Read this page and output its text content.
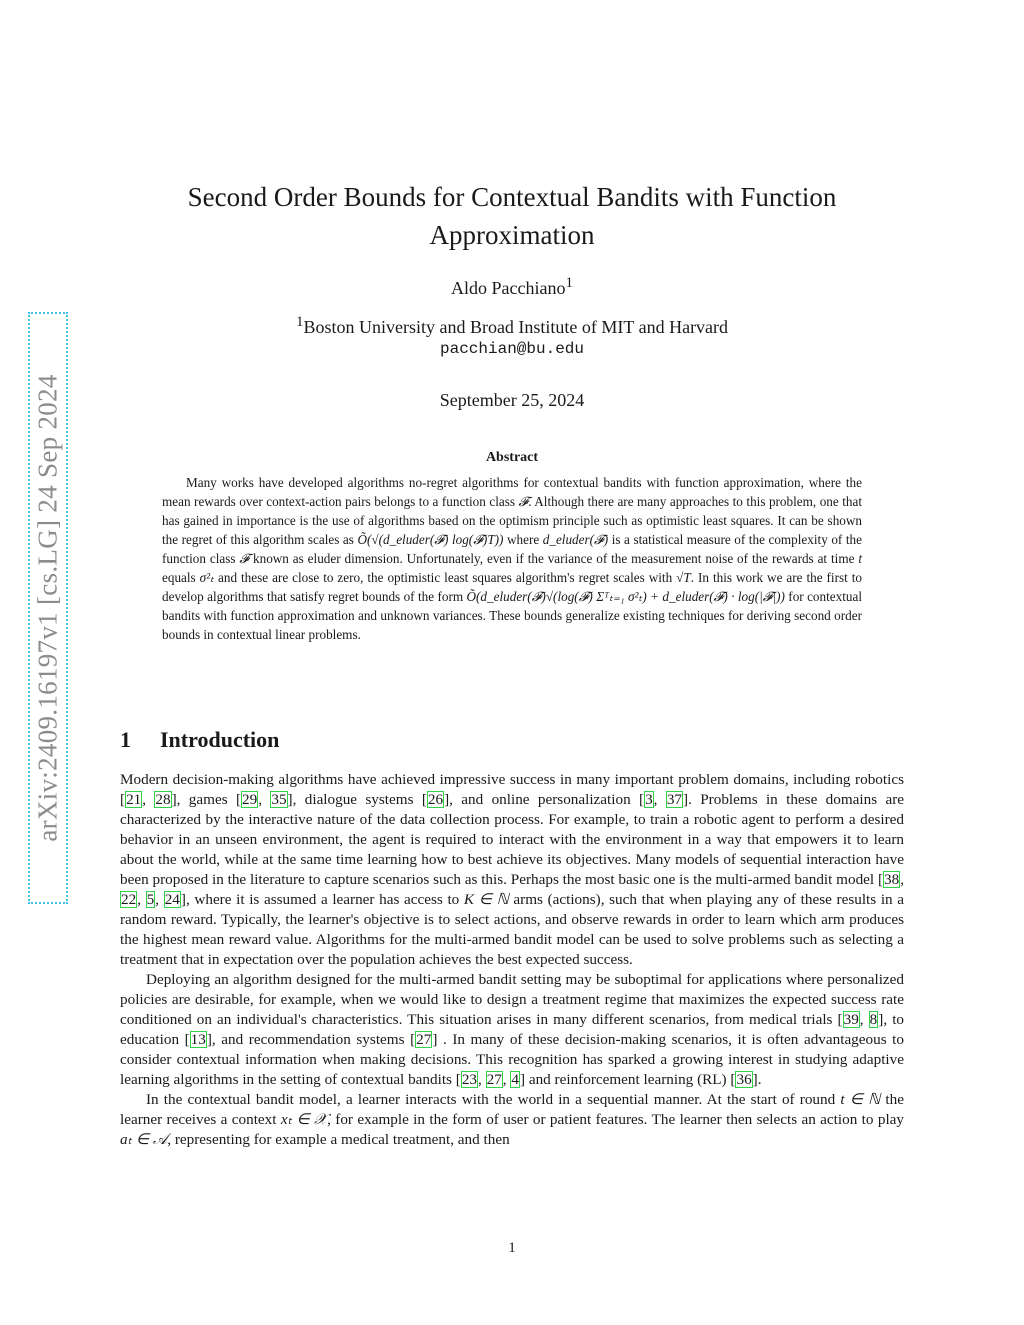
arXiv:2409.16197v1 [cs.LG] 24 Sep 2024
Second Order Bounds for Contextual Bandits with Function Approximation
Aldo Pacchiano$^1$
$^1$Boston University and Broad Institute of MIT and Harvard
pacchian@bu.edu
September 25, 2024
Abstract

Many works have developed algorithms no-regret algorithms for contextual bandits with function approximation, where the mean rewards over context-action pairs belongs to a function class 𝓕. Although there are many approaches to this problem, one that has gained in importance is the use of algorithms based on the optimism principle such as optimistic least squares. It can be shown the regret of this algorithm scales as Õ(√(d_eluder(𝓕) log(𝓕)T)) where d_eluder(𝓕) is a statistical measure of the complexity of the function class 𝓕 known as eluder dimension. Unfortunately, even if the variance of the measurement noise of the rewards at time t equals σ²ₜ and these are close to zero, the optimistic least squares algorithm's regret scales with √T. In this work we are the first to develop algorithms that satisfy regret bounds of the form Õ(d_eluder(𝓕)√(log(𝓕) Σᵀₜ₌₁ σ²ₜ) + d_eluder(𝓕) · log(|𝓕|)) for contextual bandits with function approximation and unknown variances. These bounds generalize existing techniques for deriving second order bounds in contextual linear problems.

1 Introduction

Modern decision-making algorithms have achieved impressive success in many important problem domains, including robotics [21, 28], games [29, 35], dialogue systems [26], and online personalization [3, 37]. Problems in these domains are characterized by the interactive nature of the data collection process. For example, to train a robotic agent to perform a desired behavior in an unseen environment, the agent is required to interact with the environment in a way that empowers it to learn about the world, while at the same time learning how to best achieve its objectives. Many models of sequential interaction have been proposed in the literature to capture scenarios such as this. Perhaps the most basic one is the multi-armed bandit model [38, 22, 5, 24], where it is assumed a learner has access to K ∈ ℕ arms (actions), such that when playing any of these results in a random reward. Typically, the learner's objective is to select actions, and observe rewards in order to learn which arm produces the highest mean reward value. Algorithms for the multi-armed bandit model can be used to solve problems such as selecting a treatment that in expectation over the population achieves the best expected success.

Deploying an algorithm designed for the multi-armed bandit setting may be suboptimal for applications where personalized policies are desirable, for example, when we would like to design a treatment regime that maximizes the expected success rate conditioned on an individual's characteristics. This situation arises in many different scenarios, from medical trials [39, 8], to education [13], and recommendation systems [27] . In many of these decision-making scenarios, it is often advantageous to consider contextual information when making decisions. This recognition has sparked a growing interest in studying adaptive learning algorithms in the setting of contextual bandits [23, 27, 4] and reinforcement learning (RL) [36].

In the contextual bandit model, a learner interacts with the world in a sequential manner. At the start of round t ∈ ℕ the learner receives a context xₜ ∈ 𝒳, for example in the form of user or patient features. The learner then selects an action to play aₜ ∈ 𝒜, representing for example a medical treatment, and then

1
